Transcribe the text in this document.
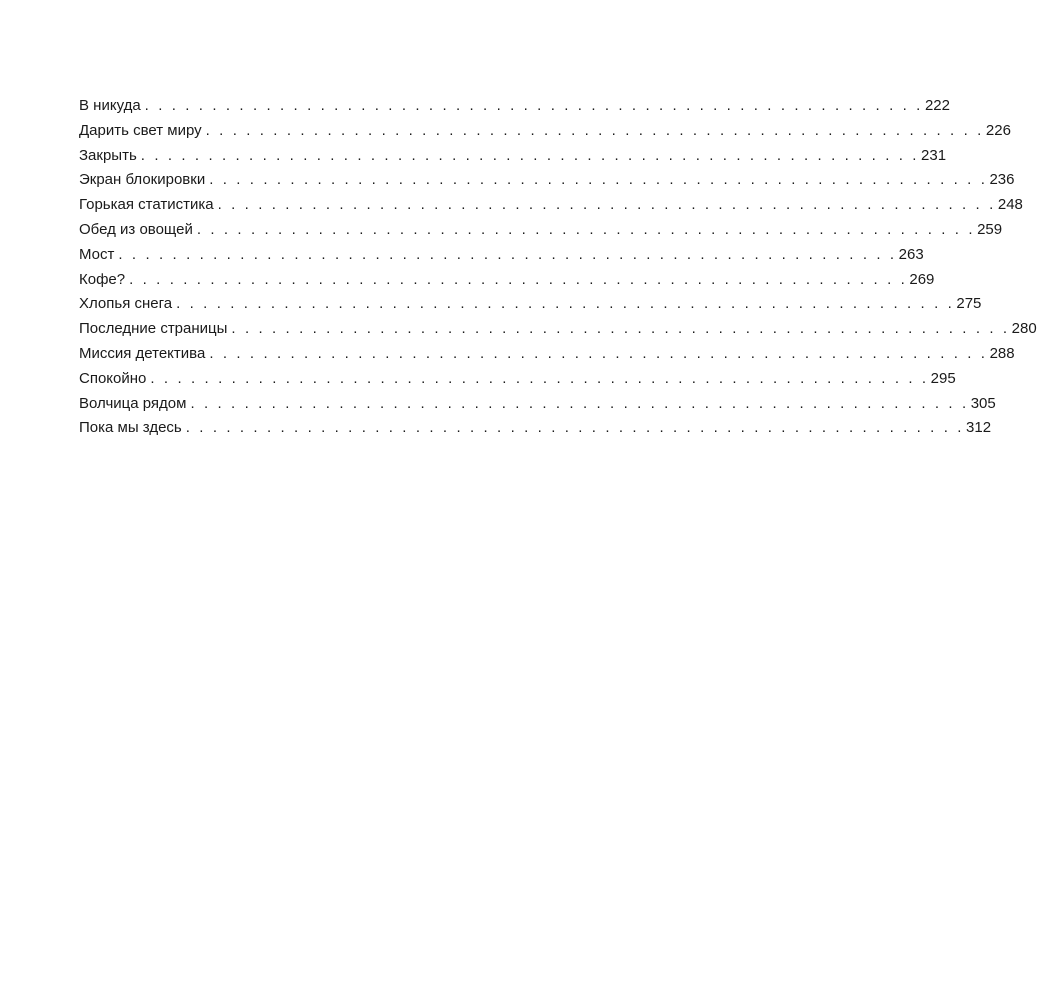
В никуда . . . . . . . . . . . . . . . . . . . . . . . . . . . . . . . . . . . . . . . . . . . . . . . . . . . . . . . . . . 222
Дарить свет миру . . . . . . . . . . . . . . . . . . . . . . . . . . . . . . . . . . . . . . . . . . . . . . . . . . . . . . . . . . 226
Закрыть . . . . . . . . . . . . . . . . . . . . . . . . . . . . . . . . . . . . . . . . . . . . . . . . . . . . . . . . . . 231
Экран блокировки . . . . . . . . . . . . . . . . . . . . . . . . . . . . . . . . . . . . . . . . . . . . . . . . . . . . . . . . . . 236
Горькая статистика . . . . . . . . . . . . . . . . . . . . . . . . . . . . . . . . . . . . . . . . . . . . . . . . . . . . . . . . . . 248
Обед из овощей . . . . . . . . . . . . . . . . . . . . . . . . . . . . . . . . . . . . . . . . . . . . . . . . . . . . . . . . . . 259
Мост . . . . . . . . . . . . . . . . . . . . . . . . . . . . . . . . . . . . . . . . . . . . . . . . . . . . . . . . . . 263
Кофе? . . . . . . . . . . . . . . . . . . . . . . . . . . . . . . . . . . . . . . . . . . . . . . . . . . . . . . . . . . 269
Хлопья снега . . . . . . . . . . . . . . . . . . . . . . . . . . . . . . . . . . . . . . . . . . . . . . . . . . . . . . . . . . 275
Последние страницы . . . . . . . . . . . . . . . . . . . . . . . . . . . . . . . . . . . . . . . . . . . . . . . . . . . . . . . . . . 280
Миссия детектива . . . . . . . . . . . . . . . . . . . . . . . . . . . . . . . . . . . . . . . . . . . . . . . . . . . . . . . . . . 288
Спокойно . . . . . . . . . . . . . . . . . . . . . . . . . . . . . . . . . . . . . . . . . . . . . . . . . . . . . . . . . . 295
Волчица рядом . . . . . . . . . . . . . . . . . . . . . . . . . . . . . . . . . . . . . . . . . . . . . . . . . . . . . . . . . . 305
Пока мы здесь . . . . . . . . . . . . . . . . . . . . . . . . . . . . . . . . . . . . . . . . . . . . . . . . . . . . . . . . . . 312
